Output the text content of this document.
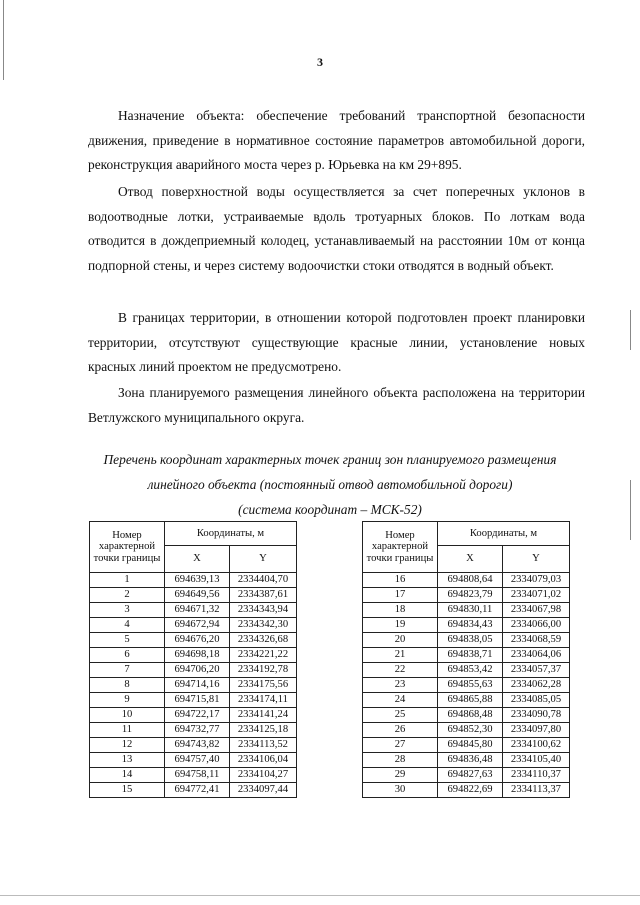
3

Назначение объекта: обеспечение требований транспортной безопасности движения, приведение в нормативное состояние параметров автомобильной дороги, реконструкция аварийного моста через р. Юрьевка на км 29+895.

Отвод поверхностной воды осуществляется за счет поперечных уклонов в водоотводные лотки, устраиваемые вдоль тротуарных блоков. По лоткам вода отводится в дождеприемный колодец, устанавливаемый на расстоянии 10м от конца подпорной стены, и через систему водоочистки стоки отводятся в водный объект.

В границах территории, в отношении которой подготовлен проект планировки территории, отсутствуют существующие красные линии, установление новых красных линий проектом не предусмотрено.

Зона планируемого размещения линейного объекта расположена на территории Ветлужского муниципального округа.

Перечень координат характерных точек границ зон планируемого размещения

линейного объекта (постоянный отвод автомобильной дороги)

(система координат – МСК-52)

Номер характерной точки границы	Координаты, м	
	X	Y
1	694639,13	2334404,70
2	694649,56	2334387,61
3	694671,32	2334343,94
4	694672,94	2334342,30
5	694676,20	2334326,68
6	694698,18	2334221,22
7	694706,20	2334192,78
8	694714,16	2334175,56
9	694715,81	2334174,11
10	694722,17	2334141,24
11	694732,77	2334125,18
12	694743,82	2334113,52
13	694757,40	2334106,04
14	694758,11	2334104,27
15	694772,41	2334097,44
Номер характерной точки границы	Координаты, м	
	X	Y
16	694808,64	2334079,03
17	694823,79	2334071,02
18	694830,11	2334067,98
19	694834,43	2334066,00
20	694838,05	2334068,59
21	694838,71	2334064,06
22	694853,42	2334057,37
23	694855,63	2334062,28
24	694865,88	2334085,05
25	694868,48	2334090,78
26	694852,30	2334097,80
27	694845,80	2334100,62
28	694836,48	2334105,40
29	694827,63	2334110,37
30	694822,69	2334113,37
